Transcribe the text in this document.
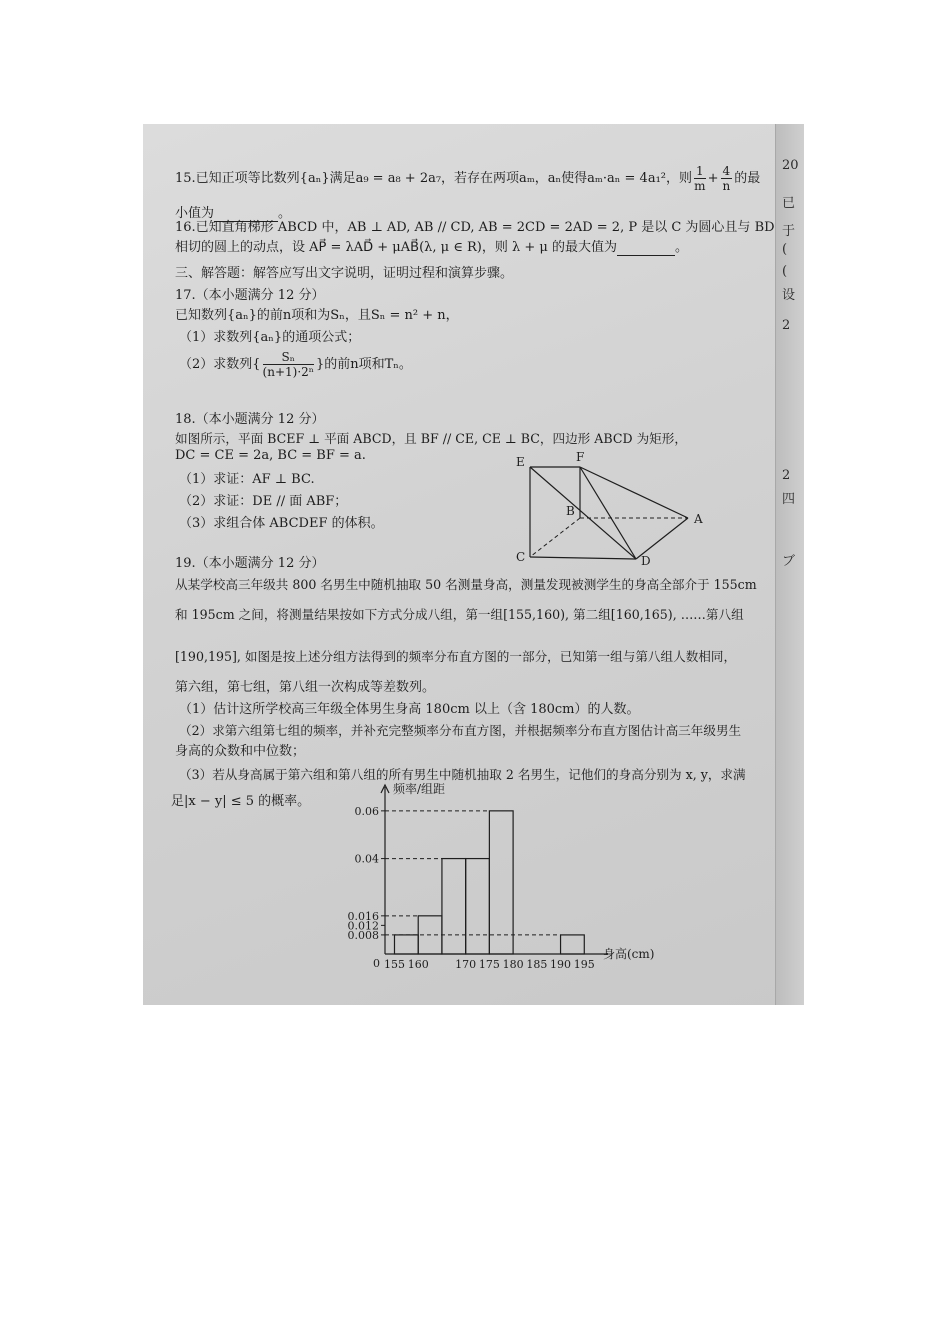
20
已
于
(
(
设
2
2
四
ブ
15.已知正项等比数列{aₙ}满足a₉ = a₈ + 2a₇，若存在两项aₘ，aₙ使得aₘ·aₙ = 4a₁²，则 $\frac{1}{m} + \frac{4}{n}$ 的最
小值为	。
16.已知直角梯形 ABCD 中，AB ⊥ AD, AB // CD, AB = 2CD = 2AD = 2, P 是以 C 为圆心且与 BD
相切的圆上的动点，设 AP⃗ = λAD⃗ + μAB⃗(λ, μ ∈ R)，则 λ + μ 的最大值为	。
三、解答题：解答应写出文字说明，证明过程和演算步骤。
17.（本小题满分 12 分）
已知数列{aₙ}的前n项和为Sₙ，且Sₙ = n² + n，
（1）求数列{aₙ}的通项公式；
（2）求数列{ $\frac{\text{Sₙ}}{\text{(n+1)·2ⁿ}}$ }的前n项和Tₙ。
18.（本小题满分 12 分）
如图所示，平面 BCEF ⊥ 平面 ABCD，且 BF // CE, CE ⊥ BC，四边形 ABCD 为矩形，
DC = CE = 2a, BC = BF = a.
（1）求证：AF ⊥ BC.
（2）求证：DE // 面 ABF；
（3）求组合体 ABCDEF 的体积。
E	F
B
A
C	D
19.（本小题满分 12 分）
从某学校高三年级共 800 名男生中随机抽取 50 名测量身高，测量发现被测学生的身高全部介于 155cm
和 195cm 之间，将测量结果按如下方式分成八组，第一组[155,160), 第二组[160,165), ……第八组
[190,195], 如图是按上述分组方法得到的频率分布直方图的一部分，已知第一组与第八组人数相同，
第六组，第七组，第八组一次构成等差数列。
（1）估计这所学校高三年级全体男生身高 180cm 以上（含 180cm）的人数。
（2）求第六组第七组的频率，并补充完整频率分布直方图，并根据频率分布直方图估计高三年级男生
身高的众数和中位数；
（3）若从身高属于第六组和第八组的所有男生中随机抽取 2 名男生，记他们的身高分别为 x, y，求满
足|x − y| ≤ 5 的概率。
频率/组距
身高(cm)
0
0.06
0.04
0.016
0.012
0.008
155 160 170 175 180 185 190 195
